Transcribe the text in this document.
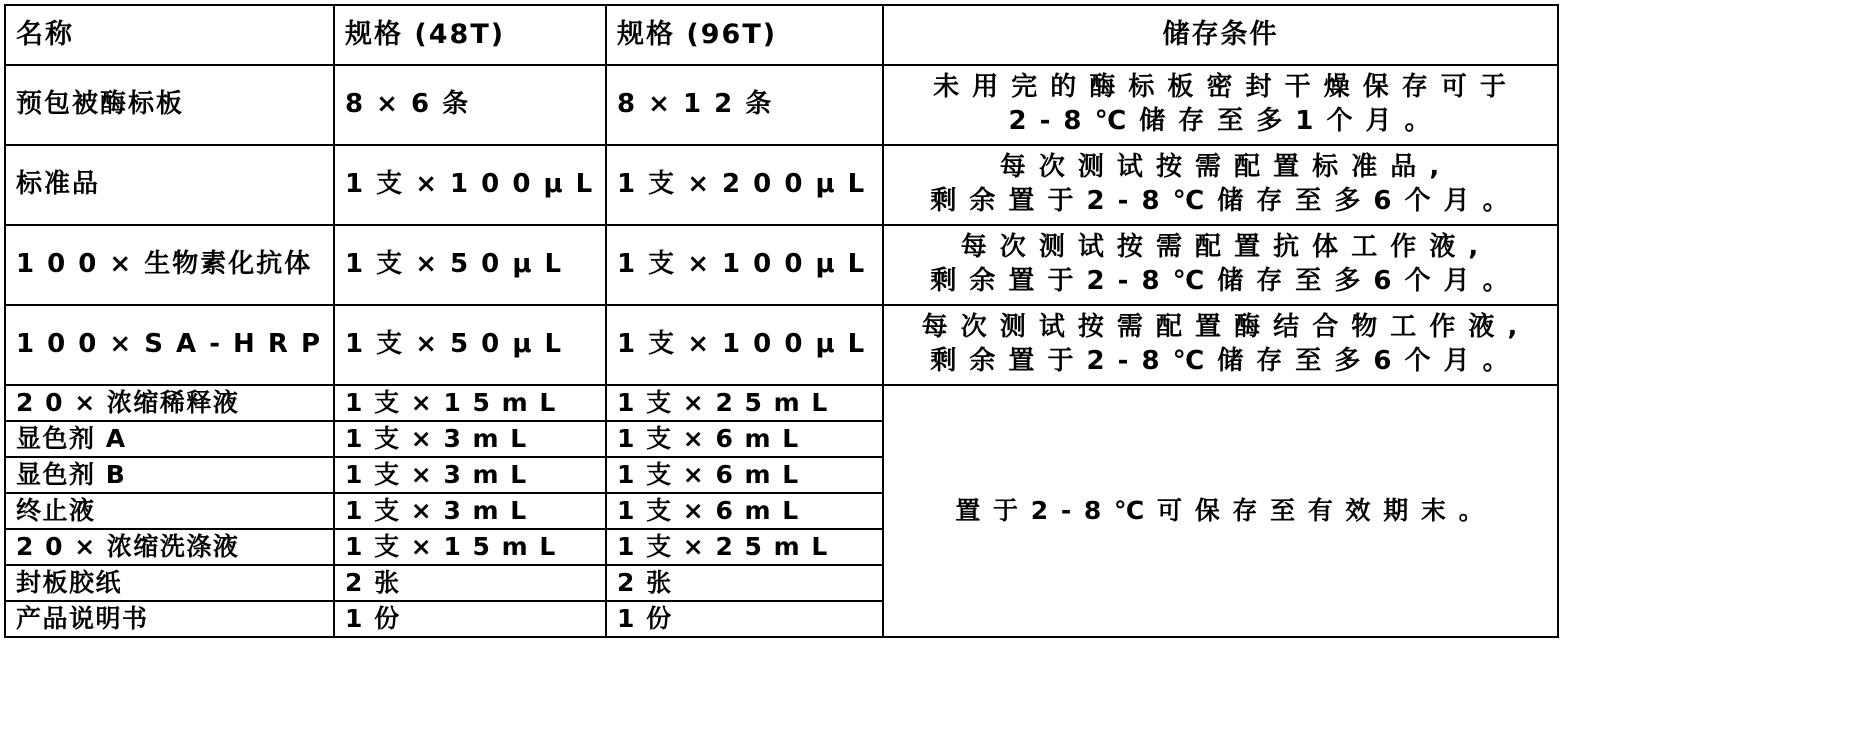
名称	规格 (48T)	规格 (96T)	储存条件
预包被酶标板	8 × 6 条	8 × 1 2 条	未 用 完 的 酶 标 板 密 封 干 燥 保 存 可 于
2 - 8 ℃ 储 存 至 多 1 个 月 。

标准品	1 支 × 1 0 0 μ L	1 支 × 2 0 0 μ L	每 次 测 试 按 需 配 置 标 准 品 ,
剩 余 置 于 2 - 8 ℃ 储 存 至 多 6 个 月 。

1 0 0 × 生物素化抗体	1 支 × 5 0 μ L	1 支 × 1 0 0 μ L	每 次 测 试 按 需 配 置 抗 体 工 作 液 ,
剩 余 置 于 2 - 8 ℃ 储 存 至 多 6 个 月 。

1 0 0 × S A - H R P	1 支 × 5 0 μ L	1 支 × 1 0 0 μ L	每 次 测 试 按 需 配 置 酶 结 合 物 工 作 液 ,
剩 余 置 于 2 - 8 ℃ 储 存 至 多 6 个 月 。

2 0 × 浓缩稀释液	1 支 × 1 5 m L	1 支 × 2 5 m L	置 于 2 - 8 ℃ 可 保 存 至 有 效 期 末 。
显色剂 A	1 支 × 3 m L	1 支 × 6 m L	
显色剂 B	1 支 × 3 m L	1 支 × 6 m L	
终止液	1 支 × 3 m L	1 支 × 6 m L	
2 0 × 浓缩洗涤液	1 支 × 1 5 m L	1 支 × 2 5 m L	
封板胶纸	2 张	2 张	
产品说明书	1 份	1 份	
